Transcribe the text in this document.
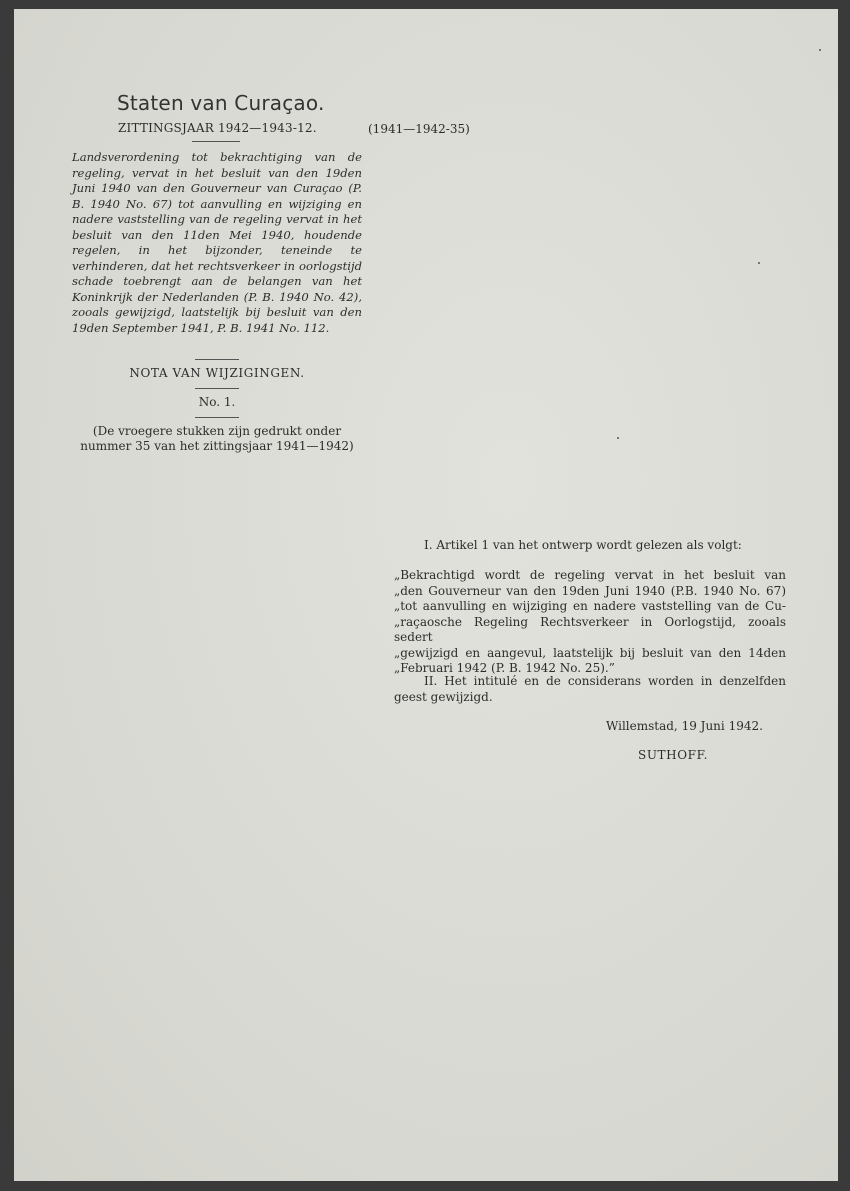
Staten van Curaçao.
ZITTINGSJAAR 1942—1943-12.	(1941—1942-35)
Landsverordening tot bekrachtiging van de regeling, vervat in het besluit van den 19den Juni 1940 van den Gouverneur van Curaçao (P. B. 1940 No. 67) tot aanvulling en wijziging en nadere vaststelling van de regeling vervat in het besluit van den 11den Mei 1940, houdende regelen, in het bijzonder, teneinde te verhinderen, dat het rechtsverkeer in oorlogstijd schade toebrengt aan de belangen van het Koninkrijk der Nederlanden (P. B. 1940 No. 42), zooals gewijzigd, laatstelijk bij besluit van den 19den September 1941, P. B. 1941 No. 112.
NOTA VAN WIJZIGINGEN.
No. 1.
(De vroegere stukken zijn gedrukt onder nummer 35 van het zittingsjaar 1941—1942)
I. Artikel 1 van het ontwerp wordt gelezen als volgt:
„Bekrachtigd wordt de regeling vervat in het besluit van
„den Gouverneur van den 19den Juni 1940 (P.B. 1940 No. 67)
„tot aanvulling en wijziging en nadere vaststelling van de Cu-
„raçaosche Regeling Rechtsverkeer in Oorlogstijd, zooals sedert
„gewijzigd en aangevul, laatstelijk bij besluit van den 14den
„Februari 1942 (P. B. 1942 No. 25).”
II. Het intitulé en de considerans worden in denzelfden geest gewijzigd.
Willemstad, 19 Juni 1942.
SUTHOFF.
